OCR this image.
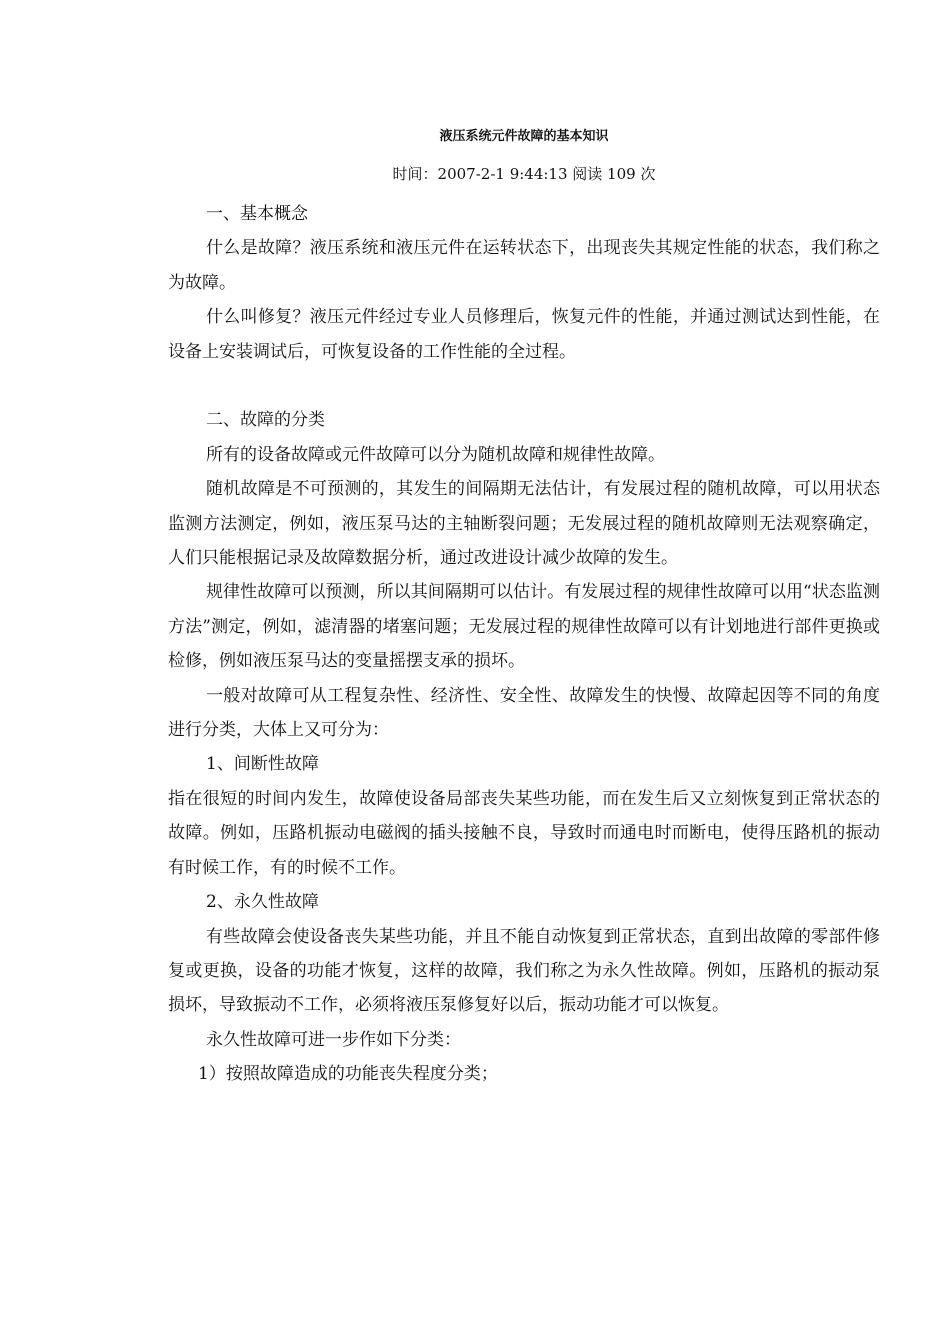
液压系统元件故障的基本知识
时间：2007-2-1 9:44:13 阅读 109 次

一、基本概念

什么是故障？液压系统和液压元件在运转状态下，出现丧失其规定性能的状态，我们称之为故障。

什么叫修复？液压元件经过专业人员修理后，恢复元件的性能，并通过测试达到性能，在设备上安装调试后，可恢复设备的工作性能的全过程。

二、故障的分类

所有的设备故障或元件故障可以分为随机故障和规律性故障。

随机故障是不可预测的，其发生的间隔期无法估计，有发展过程的随机故障，可以用状态监测方法测定，例如，液压泵马达的主轴断裂问题；无发展过程的随机故障则无法观察确定，人们只能根据记录及故障数据分析，通过改进设计减少故障的发生。

规律性故障可以预测，所以其间隔期可以估计。有发展过程的规律性故障可以用“状态监测方法”测定，例如，滤清器的堵塞问题；无发展过程的规律性故障可以有计划地进行部件更换或检修，例如液压泵马达的变量摇摆支承的损坏。

一般对故障可从工程复杂性、经济性、安全性、故障发生的快慢、故障起因等不同的角度进行分类，大体上又可分为：

1、间断性故障

指在很短的时间内发生，故障使设备局部丧失某些功能，而在发生后又立刻恢复到正常状态的故障。例如，压路机振动电磁阀的插头接触不良，导致时而通电时而断电，使得压路机的振动有时候工作，有的时候不工作。

2、永久性故障

有些故障会使设备丧失某些功能，并且不能自动恢复到正常状态，直到出故障的零部件修复或更换，设备的功能才恢复，这样的故障，我们称之为永久性故障。例如，压路机的振动泵损坏，导致振动不工作，必须将液压泵修复好以后，振动功能才可以恢复。

永久性故障可进一步作如下分类：

1）按照故障造成的功能丧失程度分类；
